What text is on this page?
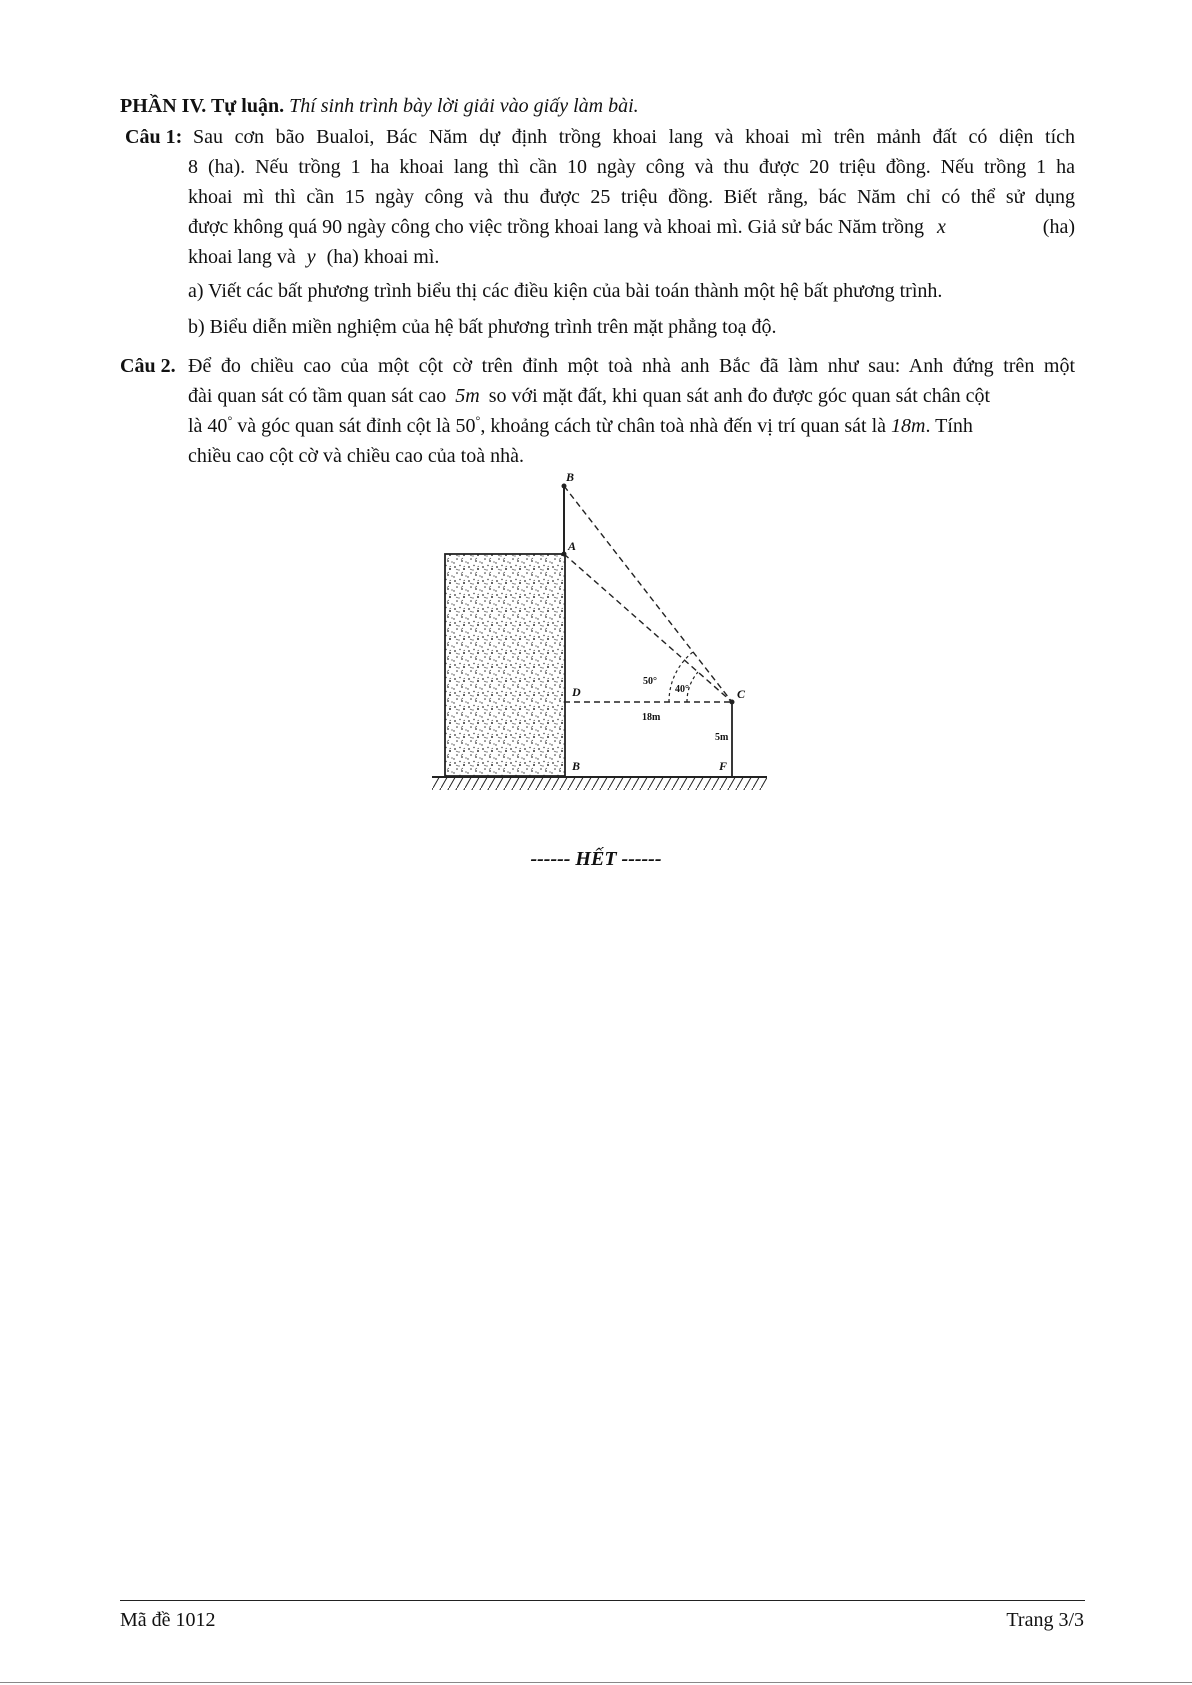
PHẦN IV. Tự luận. Thí sinh trình bày lời giải vào giấy làm bài.
Câu 1: Sau cơn bão Bualoi, Bác Năm dự định trồng khoai lang và khoai mì trên mảnh đất có diện tích
8 (ha). Nếu trồng 1 ha khoai lang thì cần 10 ngày công và thu được 20 triệu đồng. Nếu trồng 1 ha
khoai mì thì cần 15 ngày công và thu được 25 triệu đồng. Biết rằng, bác Năm chỉ có thể sử dụng
được không quá 90 ngày công cho việc trồng khoai lang và khoai mì. Giả sử bác Năm trồng x	(ha)
khoai lang và y (ha) khoai mì.
a) Viết các bất phương trình biểu thị các điều kiện của bài toán thành một hệ bất phương trình.
b) Biểu diễn miền nghiệm của hệ bất phương trình trên mặt phẳng toạ độ.
Câu 2. Để đo chiều cao của một cột cờ trên đỉnh một toà nhà anh Bắc đã làm như sau: Anh đứng trên một
đài quan sát có tầm quan sát cao 5m so với mặt đất, khi quan sát anh đo được góc quan sát chân cột
là 40° và góc quan sát đỉnh cột là 50°, khoảng cách từ chân toà nhà đến vị trí quan sát là 18m. Tính
chiều cao cột cờ và chiều cao của toà nhà.
B
A
D	C
B	F
50°
40°
18m
5m
------ HẾT ------
Mã đề 1012	Trang 3/3
